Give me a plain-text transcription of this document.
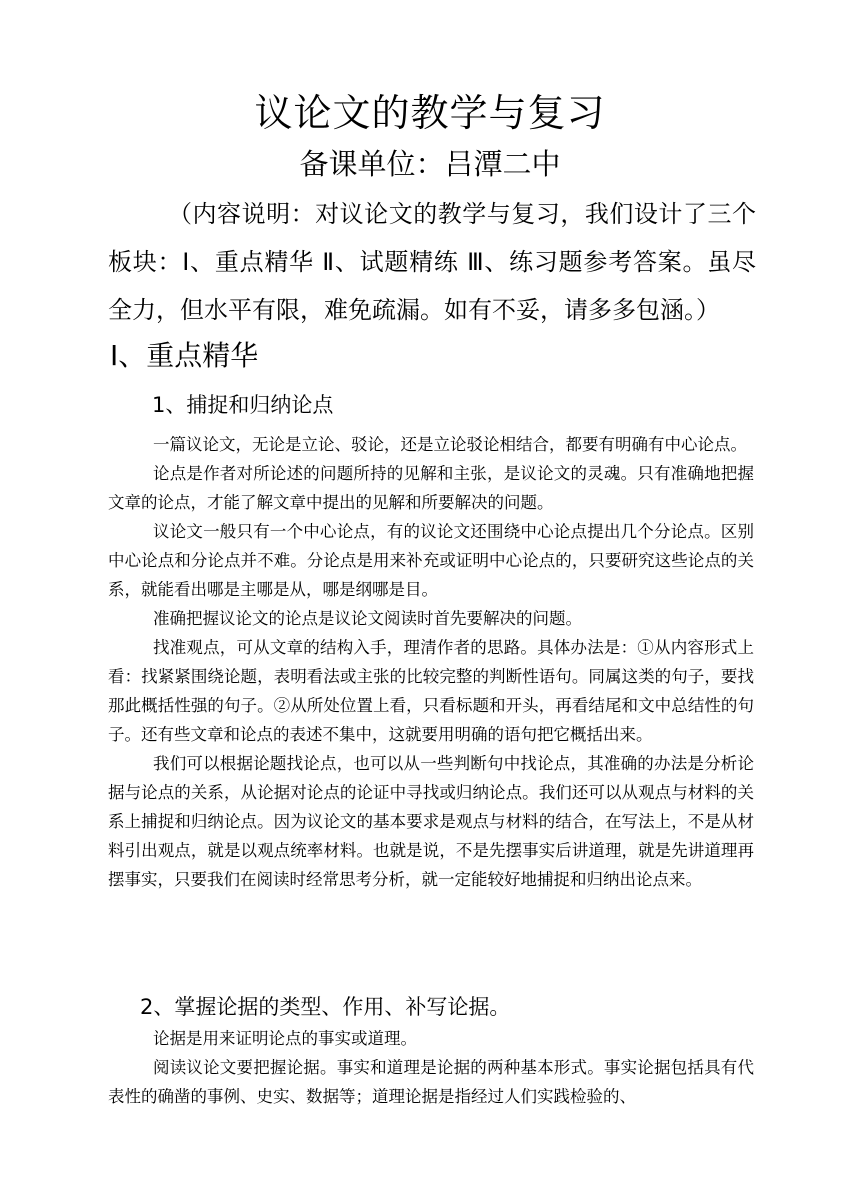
议论文的教学与复习
备课单位：吕潭二中
（内容说明：对议论文的教学与复习，我们设计了三个板块：Ⅰ、重点精华 Ⅱ、试题精练 Ⅲ、练习题参考答案。虽尽全力，但水平有限，难免疏漏。如有不妥，请多多包涵。）
Ⅰ、重点精华
1、捕捉和归纳论点

一篇议论文，无论是立论、驳论，还是立论驳论相结合，都要有明确有中心论点。

论点是作者对所论述的问题所持的见解和主张，是议论文的灵魂。只有准确地把握文章的论点，才能了解文章中提出的见解和所要解决的问题。

议论文一般只有一个中心论点，有的议论文还围绕中心论点提出几个分论点。区别中心论点和分论点并不难。分论点是用来补充或证明中心论点的，只要研究这些论点的关系，就能看出哪是主哪是从，哪是纲哪是目。

准确把握议论文的论点是议论文阅读时首先要解决的问题。

找准观点，可从文章的结构入手，理清作者的思路。具体办法是：①从内容形式上看：找紧紧围绕论题，表明看法或主张的比较完整的判断性语句。同属这类的句子，要找那此概括性强的句子。②从所处位置上看，只看标题和开头，再看结尾和文中总结性的句子。还有些文章和论点的表述不集中，这就要用明确的语句把它概括出来。

我们可以根据论题找论点，也可以从一些判断句中找论点，其准确的办法是分析论据与论点的关系，从论据对论点的论证中寻找或归纳论点。我们还可以从观点与材料的关系上捕捉和归纳论点。因为议论文的基本要求是观点与材料的结合，在写法上，不是从材料引出观点，就是以观点统率材料。也就是说，不是先摆事实后讲道理，就是先讲道理再摆事实，只要我们在阅读时经常思考分析，就一定能较好地捕捉和归纳出论点来。

2、掌握论据的类型、作用、补写论据。

论据是用来证明论点的事实或道理。

阅读议论文要把握论据。事实和道理是论据的两种基本形式。事实论据包括具有代表性的确凿的事例、史实、数据等；道理论据是指经过人们实践检验的、
